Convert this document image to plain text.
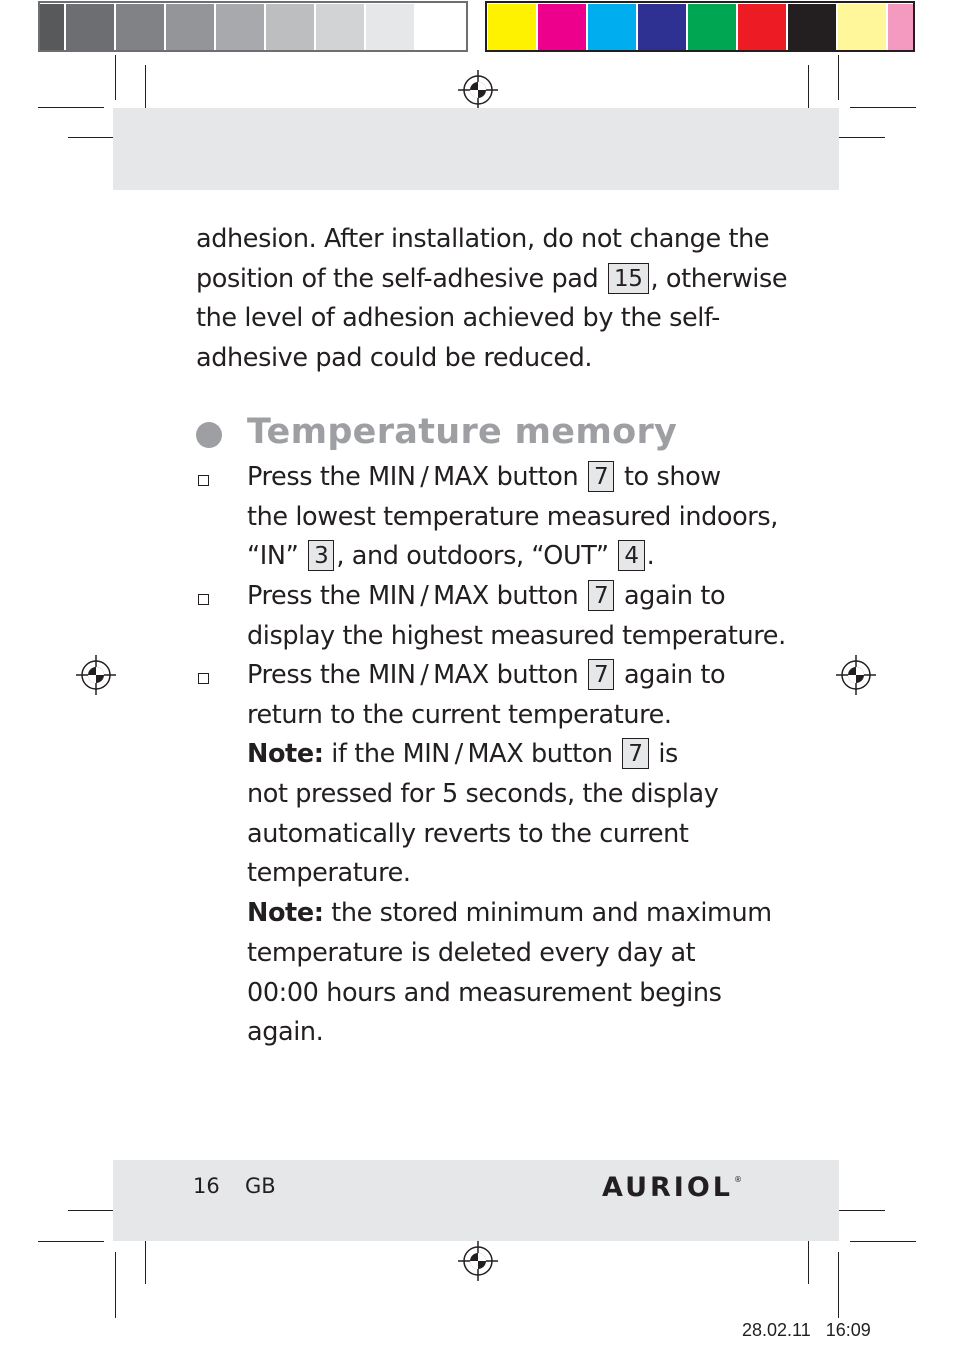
adhesion. After installation, do not change the
position of the self-adhesive pad 15 , otherwise
the level of adhesion achieved by the self-
adhesive pad could be reduced.
Temperature memory
Press the MIN / MAX button 7 to show
the lowest temperature measured indoors,
“IN” 3 , and outdoors, “OUT” 4 .
Press the MIN / MAX button 7 again to
display the highest measured temperature.
Press the MIN / MAX button 7 again to
return to the current temperature.
Note: if the MIN / MAX button 7 is
not pressed for 5 seconds, the display
automatically reverts to the current
temperature.
Note: the stored minimum and maximum
temperature is deleted every day at
00:00 hours and measurement begins
again.
16 GB	AURIOL®
28.02.11 16:09
